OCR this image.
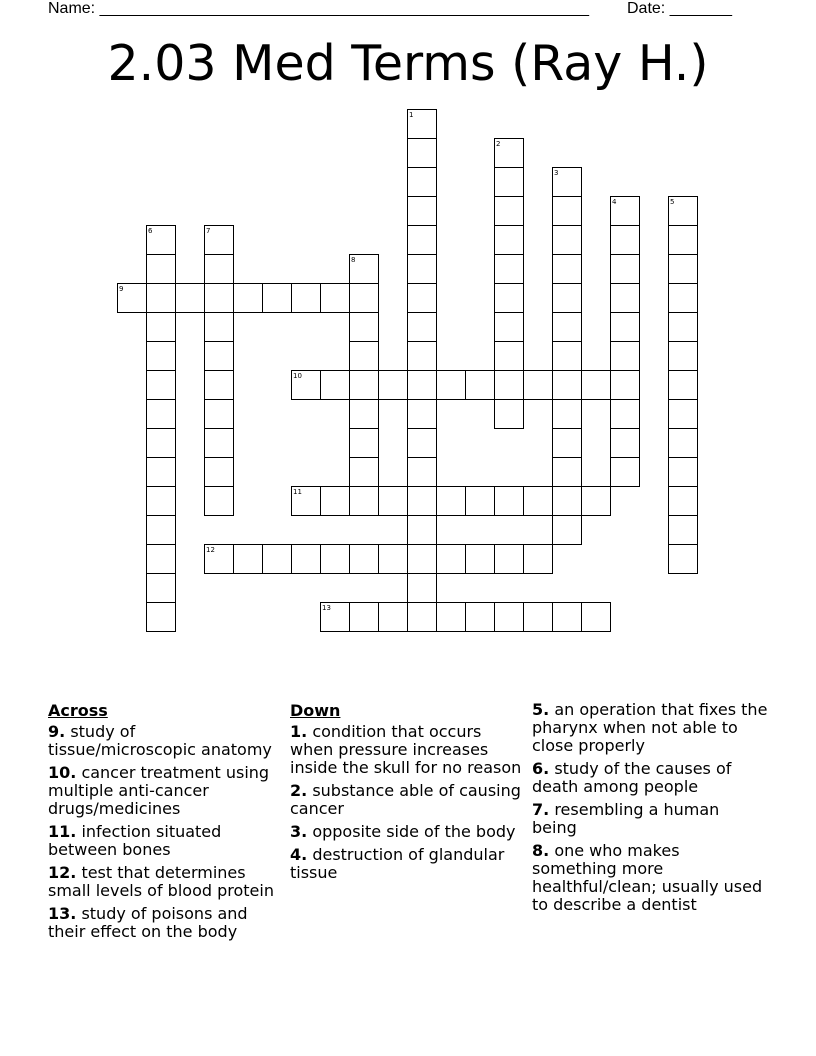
Name: _______________________________________________________ Date: _______
2.03 Med Terms (Ray H.)
1
2
3
4	5
6	7
8
9
10
11
12
13
Across
9. study of tissue/microscopic anatomy
10. cancer treatment using multiple anti-cancer drugs/medicines
11. infection situated between bones
12. test that determines small levels of blood protein
13. study of poisons and their effect on the body
Down
1. condition that occurs when pressure increases inside the skull for no reason
2. substance able of causing cancer
3. opposite side of the body
4. destruction of glandular tissue
5. an operation that fixes the pharynx when not able to close properly
6. study of the causes of death among people
7. resembling a human being
8. one who makes something more healthful/clean; usually used to describe a dentist
